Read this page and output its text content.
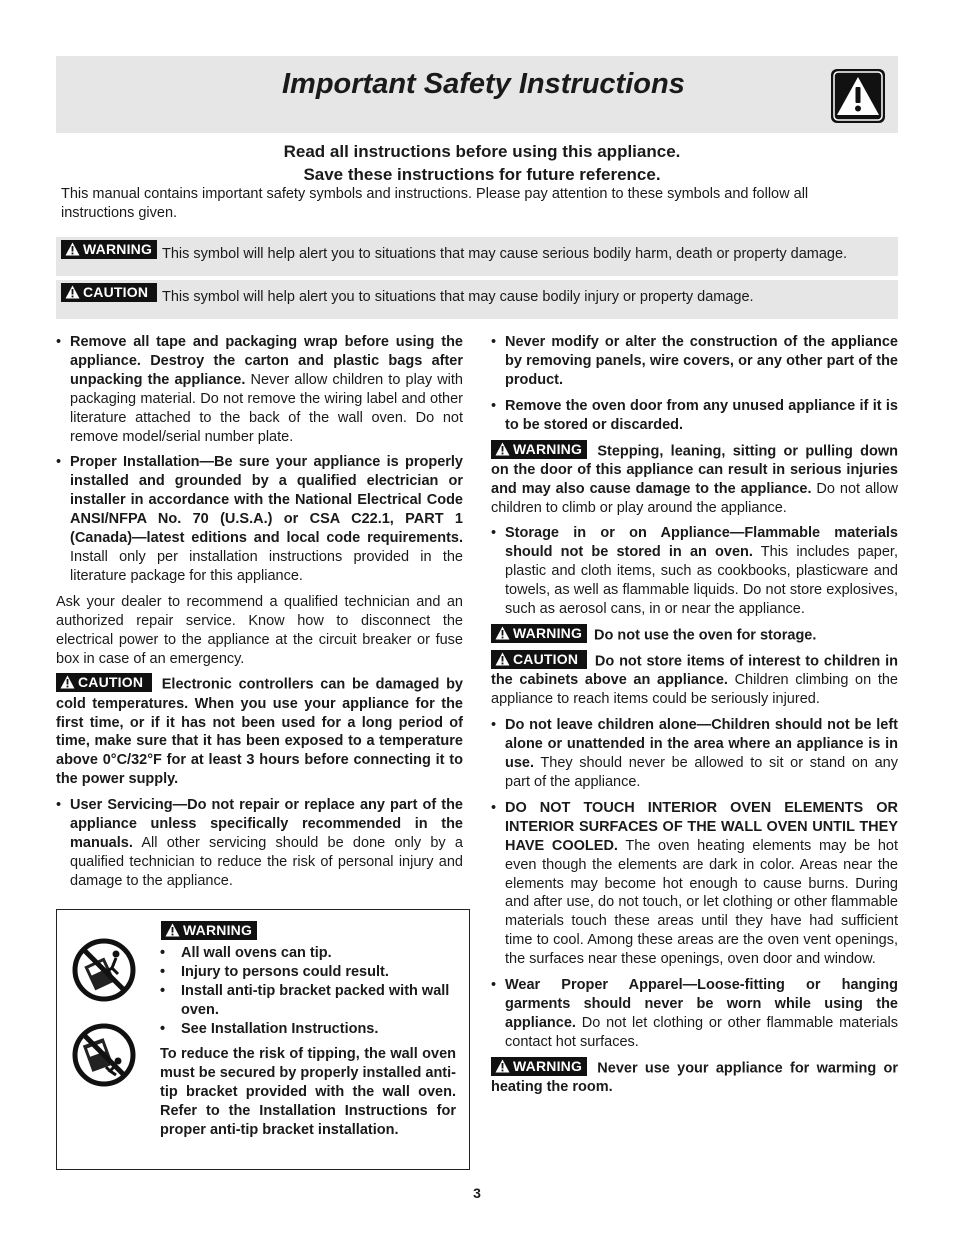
Important Safety Instructions

Read all instructions before using this appliance.

Save these instructions for future reference.

This manual contains important safety symbols and instructions. Please pay attention to these symbols and follow all instructions given.

WARNING This symbol will help alert you to situations that may cause serious bodily harm, death or property damage.
CAUTION This symbol will help alert you to situations that may cause bodily injury or property damage.
• Remove all tape and packaging wrap before using the appliance. Destroy the carton and plastic bags after unpacking the appliance. Never allow children to play with packaging material. Do not remove the wiring label and other literature attached to the back of the wall oven. Do not remove model/serial number plate.
• Proper Installation—Be sure your appliance is properly installed and grounded by a qualified electrician or installer in accordance with the National Electrical Code ANSI/NFPA No. 70 (U.S.A.) or CSA C22.1, PART 1 (Canada)—latest editions and local code requirements. Install only per installation instructions provided in the literature package for this appliance.

Ask your dealer to recommend a qualified technician and an authorized repair service. Know how to disconnect the electrical power to the appliance at the circuit breaker or fuse box in case of an emergency.

CAUTION Electronic controllers can be damaged by cold temperatures. When you use your appliance for the first time, or if it has not been used for a long period of time, make sure that it has been exposed to a temperature above 0°C/32°F for at least 3 hours before connecting it to the power supply.

• User Servicing—Do not repair or replace any part of the appliance unless specifically recommended in the manuals. All other servicing should be done only by a qualified technician to reduce the risk of personal injury and damage to the appliance.
WARNING
• All wall ovens can tip.
• Injury to persons could result.
• Install anti-tip bracket packed with wall oven.
• See Installation Instructions.

To reduce the risk of tipping, the wall oven must be secured by properly installed anti-tip bracket provided with the wall oven. Refer to the Installation Instructions for proper anti-tip bracket installation.

• Never modify or alter the construction of the appliance by removing panels, wire covers, or any other part of the product.
• Remove the oven door from any unused appliance if it is to be stored or discarded.

WARNING Stepping, leaning, sitting or pulling down on the door of this appliance can result in serious injuries and may also cause damage to the appliance. Do not allow children to climb or play around the appliance.

• Storage in or on Appliance—Flammable materials should not be stored in an oven. This includes paper, plastic and cloth items, such as cookbooks, plasticware and towels, as well as flammable liquids. Do not store explosives, such as aerosol cans, in or near the appliance.

WARNING Do not use the oven for storage.

CAUTION Do not store items of interest to children in the cabinets above an appliance. Children climbing on the appliance to reach items could be seriously injured.

• Do not leave children alone—Children should not be left alone or unattended in the area where an appliance is in use. They should never be allowed to sit or stand on any part of the appliance.
• DO NOT TOUCH INTERIOR OVEN ELEMENTS OR INTERIOR SURFACES OF THE WALL OVEN UNTIL THEY HAVE COOLED. The oven heating elements may be hot even though the elements are dark in color. Areas near the elements may become hot enough to cause burns. During and after use, do not touch, or let clothing or other flammable materials touch these areas until they have had sufficient time to cool. Among these areas are the oven vent openings, the surfaces near these openings, oven door and window.
• Wear Proper Apparel—Loose-fitting or hanging garments should never be worn while using the appliance. Do not let clothing or other flammable materials contact hot surfaces.

WARNING Never use your appliance for warming or heating the room.

3
